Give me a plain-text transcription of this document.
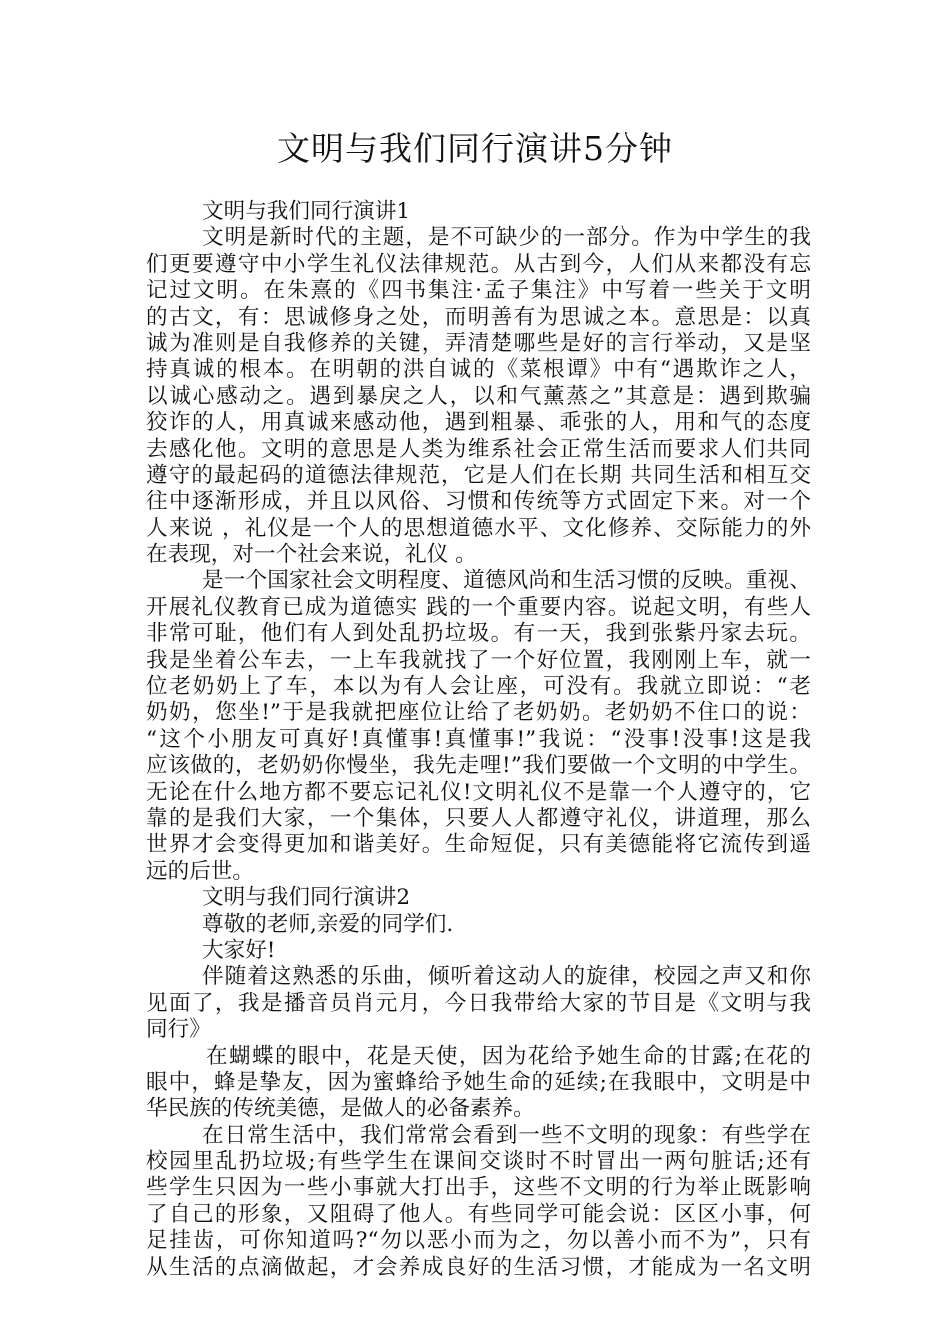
文明与我们同行演讲5分钟
文明与我们同行演讲1
文明是新时代的主题，是不可缺少的一部分。作为中学生的我
们更要遵守中小学生礼仪法律规范。从古到今，人们从来都没有忘
记过文明。在朱熹的《四书集注·孟子集注》中写着一些关于文明
的古文，有：思诚修身之处，而明善有为思诚之本。意思是：以真
诚为准则是自我修养的关键，弄清楚哪些是好的言行举动，又是坚
持真诚的根本。在明朝的洪自诚的《菜根谭》中有“遇欺诈之人，
以诚心感动之。遇到暴戾之人，以和气薰蒸之”其意是：遇到欺骗
狡诈的人，用真诚来感动他，遇到粗暴、乖张的人，用和气的态度
去感化他。文明的意思是人类为维系社会正常生活而要求人们共同
遵守的最起码的道德法律规范，它是人们在长期 共同生活和相互交
往中逐渐形成，并且以风俗、习惯和传统等方式固定下来。对一个
人来说 ，礼仪是一个人的思想道德水平、文化修养、交际能力的外
在表现，对一个社会来说，礼仪 。
是一个国家社会文明程度、道德风尚和生活习惯的反映。重视、
开展礼仪教育已成为道德实 践的一个重要内容。说起文明，有些人
非常可耻，他们有人到处乱扔垃圾。有一天，我到张紫丹家去玩。
我是坐着公车去，一上车我就找了一个好位置，我刚刚上车，就一
位老奶奶上了车，本以为有人会让座，可没有。我就立即说：“老
奶奶，您坐!”于是我就把座位让给了老奶奶。老奶奶不住口的说：
“这个小朋友可真好!真懂事!真懂事!”我说：“没事!没事!这是我
应该做的，老奶奶你慢坐，我先走哩!”我们要做一个文明的中学生。
无论在什么地方都不要忘记礼仪!文明礼仪不是靠一个人遵守的，它
靠的是我们大家，一个集体，只要人人都遵守礼仪，讲道理，那么
世界才会变得更加和谐美好。生命短促，只有美德能将它流传到遥
远的后世。
文明与我们同行演讲2
尊敬的老师,亲爱的同学们.
大家好!
伴随着这熟悉的乐曲，倾听着这动人的旋律，校园之声又和你
见面了，我是播音员肖元月，今日我带给大家的节目是《文明与我
同行》
在蝴蝶的眼中，花是天使，因为花给予她生命的甘露;在花的
眼中，蜂是挚友，因为蜜蜂给予她生命的延续;在我眼中，文明是中
华民族的传统美德，是做人的必备素养。
在日常生活中，我们常常会看到一些不文明的现象：有些学在
校园里乱扔垃圾;有些学生在课间交谈时不时冒出一两句脏话;还有
些学生只因为一些小事就大打出手，这些不文明的行为举止既影响
了自己的形象，又阻碍了他人。有些同学可能会说：区区小事，何
足挂齿，可你知道吗?“勿以恶小而为之，勿以善小而不为”，只有
从生活的点滴做起，才会养成良好的生活习惯，才能成为一名文明
